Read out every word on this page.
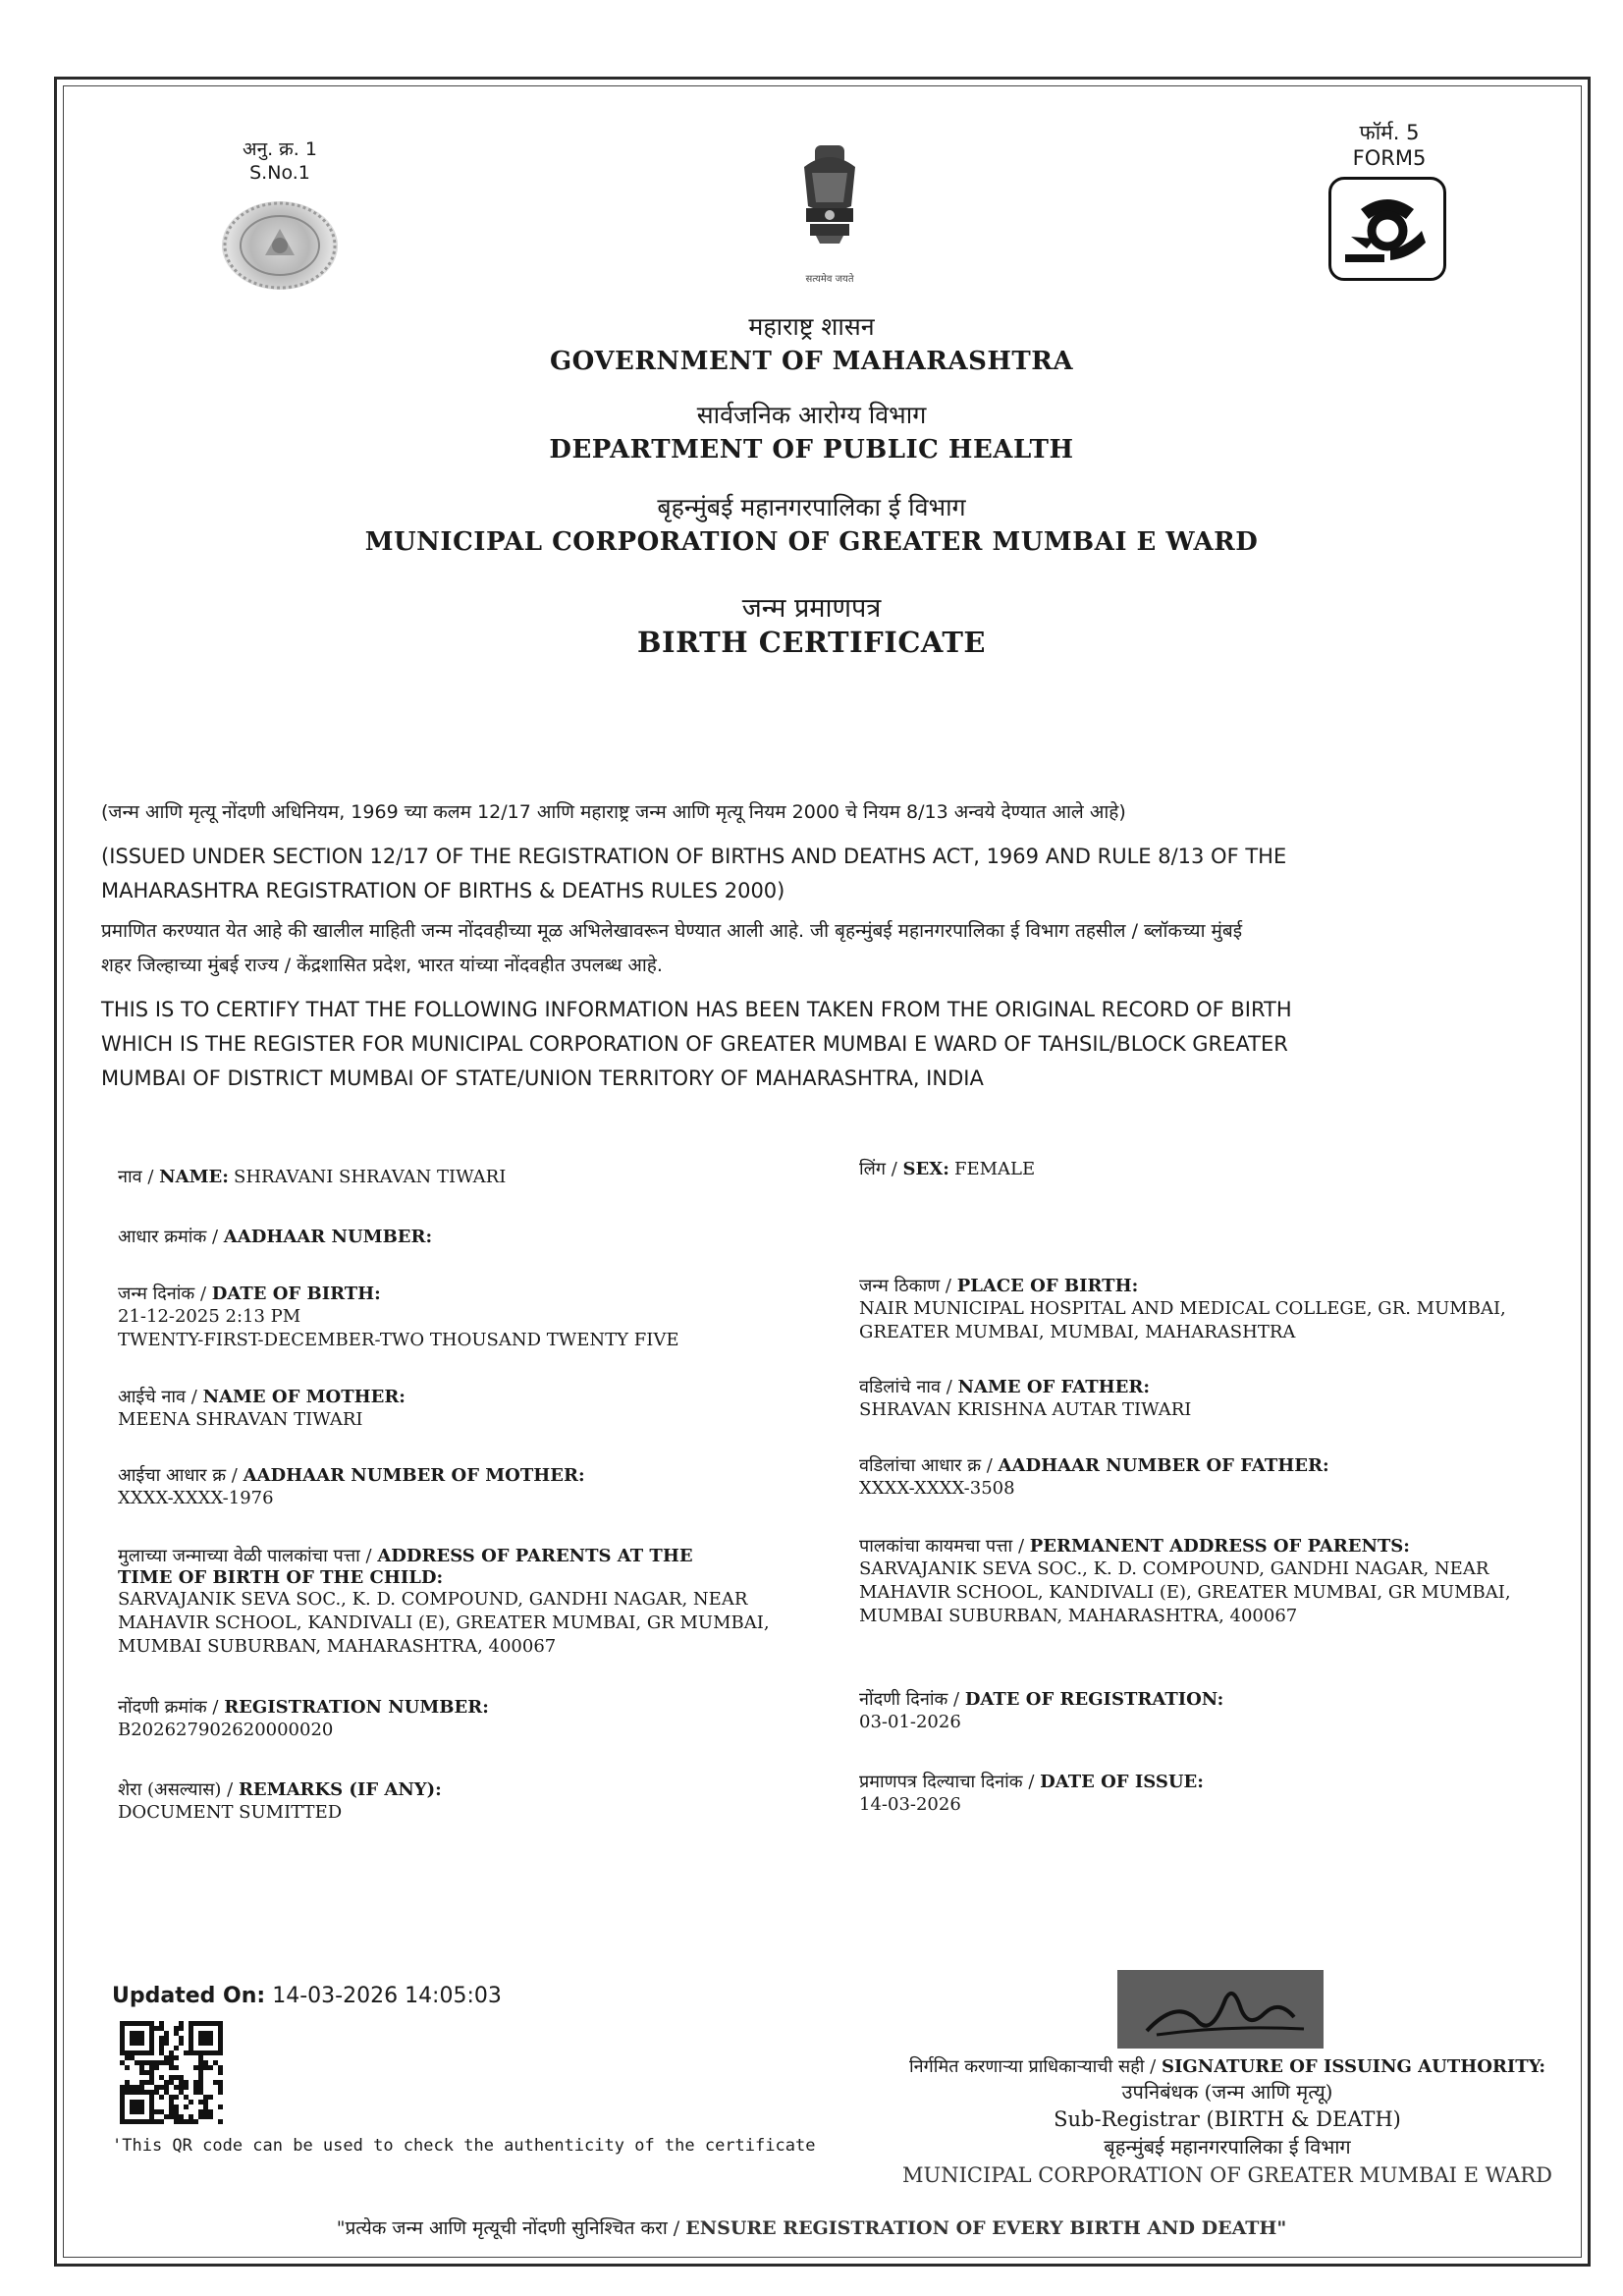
अनु. क्र. 1
S.No.1
सत्यमेव जयते
फॉर्म. 5
FORM5
महाराष्ट्र शासन
GOVERNMENT OF MAHARASHTRA
सार्वजनिक आरोग्य विभाग
DEPARTMENT OF PUBLIC HEALTH
बृहन्मुंबई महानगरपालिका ई विभाग
MUNICIPAL CORPORATION OF GREATER MUMBAI E WARD
जन्म प्रमाणपत्र
BIRTH CERTIFICATE

(जन्म आणि मृत्यू नोंदणी अधिनियम, 1969 च्या कलम 12/17 आणि महाराष्ट्र जन्म आणि मृत्यू नियम 2000 चे नियम 8/13 अन्वये देण्यात आले आहे)

(ISSUED UNDER SECTION 12/17 OF THE REGISTRATION OF BIRTHS AND DEATHS ACT, 1969 AND RULE 8/13 OF THE

MAHARASHTRA REGISTRATION OF BIRTHS & DEATHS RULES 2000)

प्रमाणित करण्यात येत आहे की खालील माहिती जन्म नोंदवहीच्या मूळ अभिलेखावरून घेण्यात आली आहे. जी बृहन्मुंबई महानगरपालिका ई विभाग तहसील / ब्लॉकच्या मुंबई

शहर जिल्हाच्या मुंबई राज्य / केंद्रशासित प्रदेश, भारत यांच्या नोंदवहीत उपलब्ध आहे.

THIS IS TO CERTIFY THAT THE FOLLOWING INFORMATION HAS BEEN TAKEN FROM THE ORIGINAL RECORD OF BIRTH

WHICH IS THE REGISTER FOR MUNICIPAL CORPORATION OF GREATER MUMBAI E WARD OF TAHSIL/BLOCK GREATER

MUMBAI OF DISTRICT MUMBAI OF STATE/UNION TERRITORY OF MAHARASHTRA, INDIA

नाव / NAME: SHRAVANI SHRAVAN TIWARI	लिंग / SEX: FEMALE
आधार क्रमांक / AADHAAR NUMBER:
जन्म दिनांक / DATE OF BIRTH:
21-12-2025 2:13 PM
TWENTY-FIRST-DECEMBER-TWO THOUSAND TWENTY FIVE
जन्म ठिकाण / PLACE OF BIRTH:
NAIR MUNICIPAL HOSPITAL AND MEDICAL COLLEGE, GR. MUMBAI,
GREATER MUMBAI, MUMBAI, MAHARASHTRA
आईचे नाव / NAME OF MOTHER:
MEENA SHRAVAN TIWARI
वडिलांचे नाव / NAME OF FATHER:
SHRAVAN KRISHNA AUTAR TIWARI
आईचा आधार क्र / AADHAAR NUMBER OF MOTHER:
XXXX-XXXX-1976
वडिलांचा आधार क्र / AADHAAR NUMBER OF FATHER:
XXXX-XXXX-3508
मुलाच्या जन्माच्या वेळी पालकांचा पत्ता / ADDRESS OF PARENTS AT THE
TIME OF BIRTH OF THE CHILD:
SARVAJANIK SEVA SOC., K. D. COMPOUND, GANDHI NAGAR, NEAR
MAHAVIR SCHOOL, KANDIVALI (E), GREATER MUMBAI, GR MUMBAI,
MUMBAI SUBURBAN, MAHARASHTRA, 400067
पालकांचा कायमचा पत्ता / PERMANENT ADDRESS OF PARENTS:
SARVAJANIK SEVA SOC., K. D. COMPOUND, GANDHI NAGAR, NEAR
MAHAVIR SCHOOL, KANDIVALI (E), GREATER MUMBAI, GR MUMBAI,
MUMBAI SUBURBAN, MAHARASHTRA, 400067
नोंदणी क्रमांक / REGISTRATION NUMBER:
B202627902620000020
नोंदणी दिनांक / DATE OF REGISTRATION:
03-01-2026
शेरा (असल्यास) / REMARKS (IF ANY):
DOCUMENT SUMITTED
प्रमाणपत्र दिल्याचा दिनांक / DATE OF ISSUE:
14-03-2026
Updated On: 14-03-2026 14:05:03
'This QR code can be used to check the authenticity of the certificate
निर्गमित करणाऱ्या प्राधिकाऱ्याची सही / SIGNATURE OF ISSUING AUTHORITY:
उपनिबंधक (जन्म आणि मृत्यू)
Sub-Registrar (BIRTH & DEATH)
बृहन्मुंबई महानगरपालिका ई विभाग
MUNICIPAL CORPORATION OF GREATER MUMBAI E WARD
"प्रत्येक जन्म आणि मृत्यूची नोंदणी सुनिश्चित करा / ENSURE REGISTRATION OF EVERY BIRTH AND DEATH"
